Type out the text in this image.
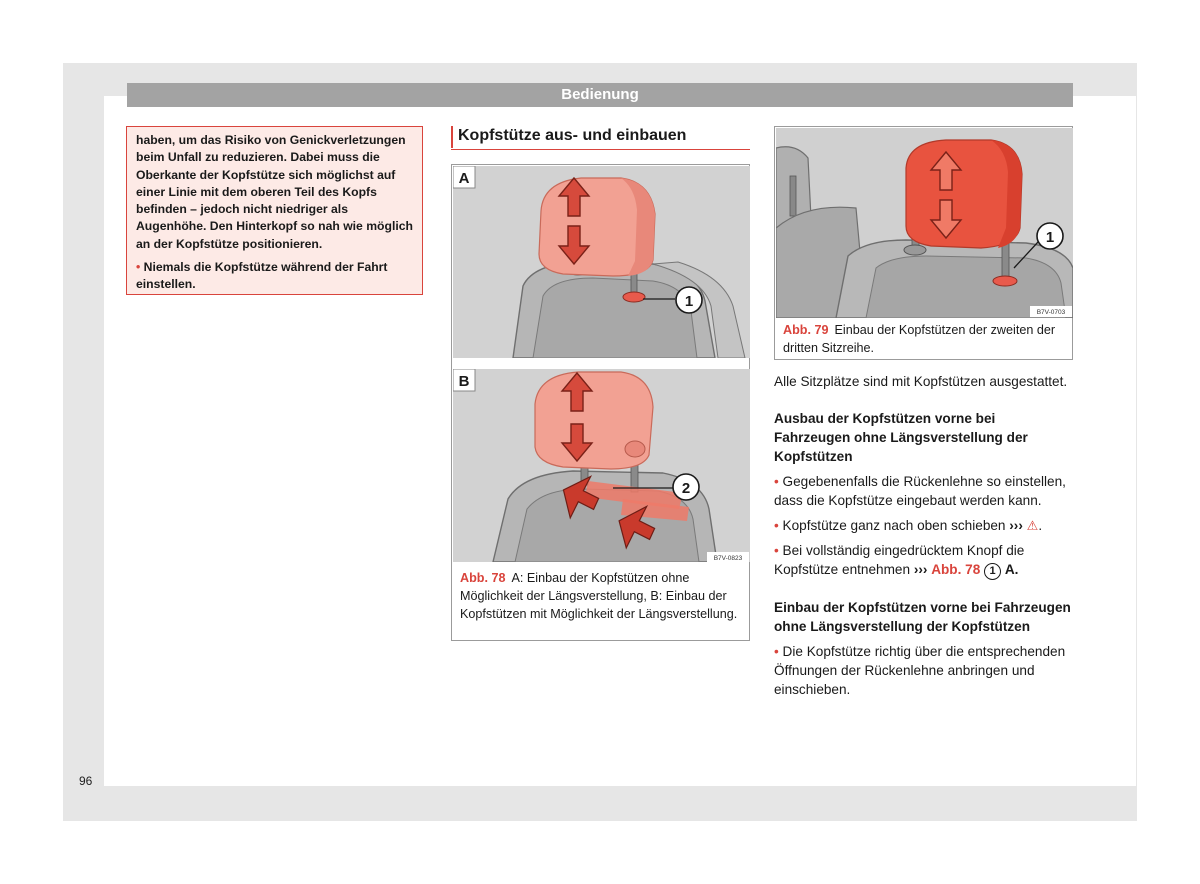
Bedienung

haben, um das Risiko von Genickverletzungen beim Unfall zu reduzieren. Dabei muss die Oberkante der Kopfstütze sich möglichst auf einer Linie mit dem oberen Teil des Kopfs befinden – jedoch nicht niedriger als Augenhöhe. Den Hinterkopf so nah wie möglich an der Kopfstütze positionieren.

• Niemals die Kopfstütze während der Fahrt einstellen.

Kopfstütze aus- und einbauen
1
A
2
B
B7V-0823
Abb. 78 A: Einbau der Kopfstützen ohne Möglichkeit der Längsverstellung, B: Einbau der Kopfstützen mit Möglichkeit der Längsverstellung.
1
B7V-0703
Abb. 79 Einbau der Kopfstützen der zweiten der dritten Sitzreihe.

Alle Sitzplätze sind mit Kopfstützen ausgestattet.

Ausbau der Kopfstützen vorne bei Fahrzeugen ohne Längsverstellung der Kopfstützen

• Gegebenenfalls die Rückenlehne so einstellen, dass die Kopfstütze eingebaut werden kann.

• Kopfstütze ganz nach oben schieben ››› ⚠.

• Bei vollständig eingedrücktem Knopf die Kopfstütze entnehmen ››› Abb. 78 1 A.

Einbau der Kopfstützen vorne bei Fahrzeugen ohne Längsverstellung der Kopfstützen

• Die Kopfstütze richtig über die entsprechenden Öffnungen der Rückenlehne anbringen und einschieben.

96
